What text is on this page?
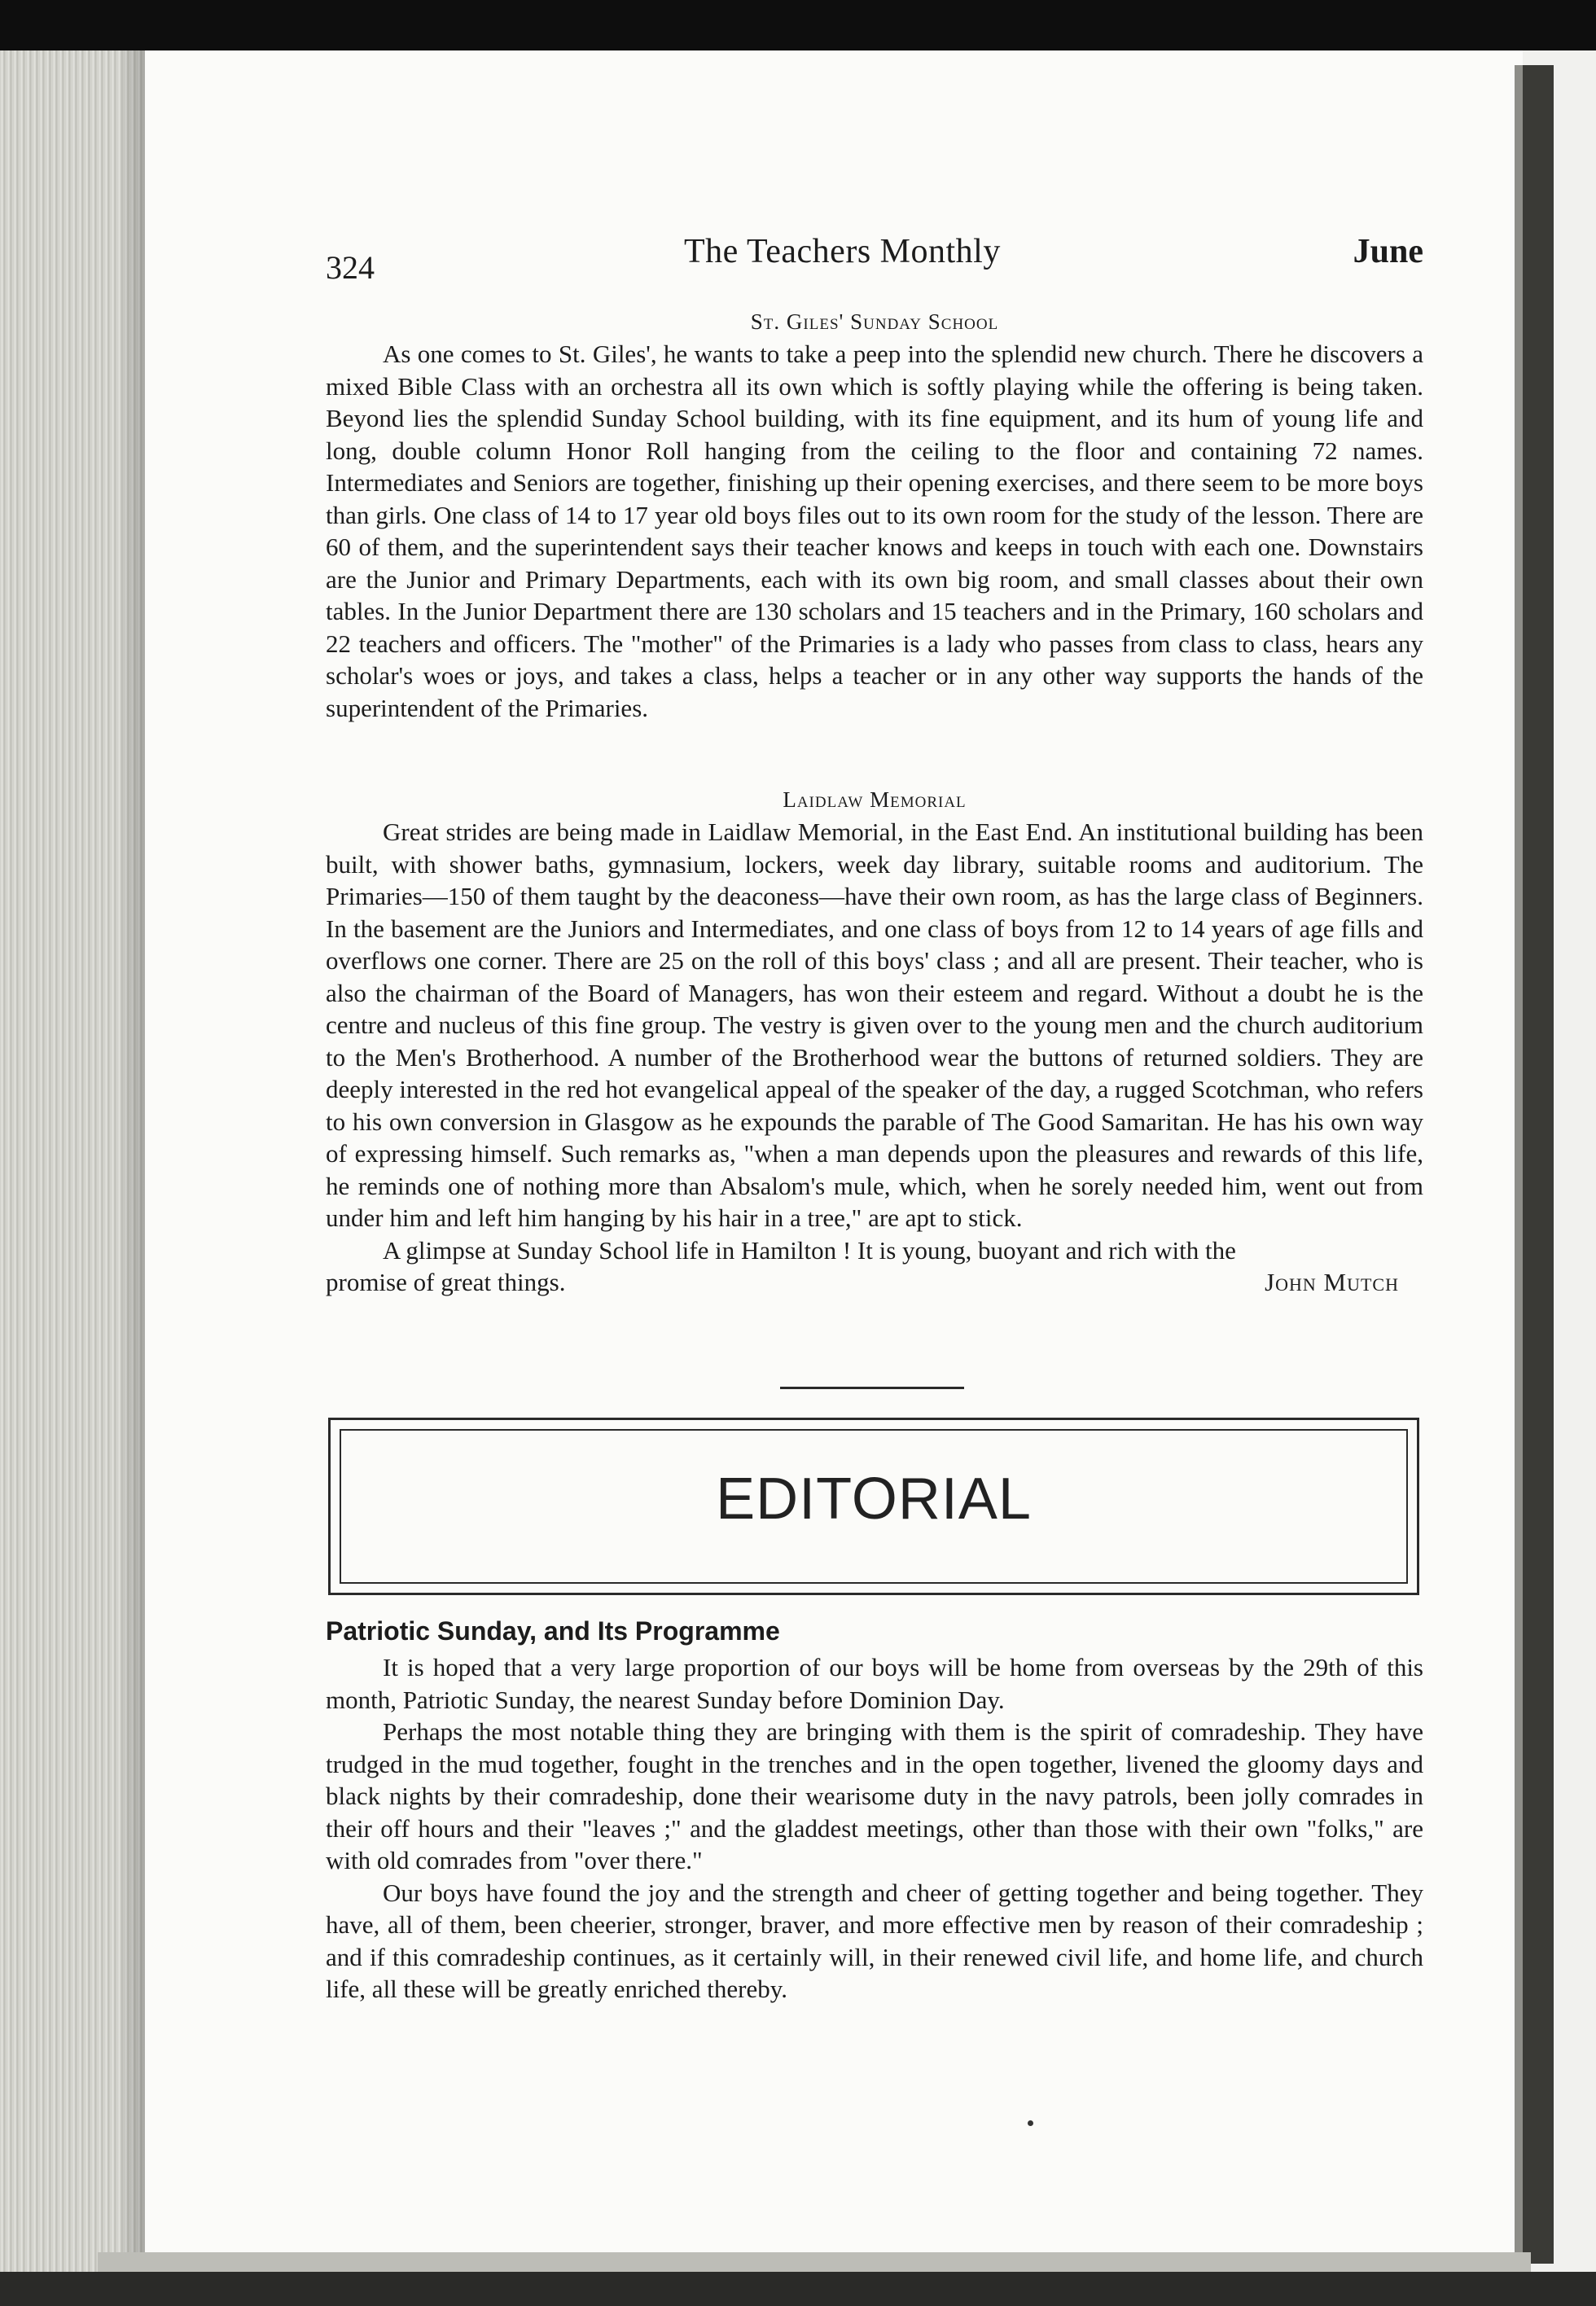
324	The Teachers Monthly	June
St. Giles' Sunday School

As one comes to St. Giles', he wants to take a peep into the splendid new church. There he discovers a mixed Bible Class with an orchestra all its own which is softly playing while the offering is being taken. Beyond lies the splendid Sunday School building, with its fine equipment, and its hum of young life and long, double column Honor Roll hanging from the ceiling to the floor and containing 72 names. Intermediates and Seniors are together, finishing up their opening exercises, and there seem to be more boys than girls. One class of 14 to 17 year old boys files out to its own room for the study of the lesson. There are 60 of them, and the superintendent says their teacher knows and keeps in touch with each one. Downstairs are the Junior and Primary Departments, each with its own big room, and small classes about their own tables. In the Junior Department there are 130 scholars and 15 teachers and in the Primary, 160 scholars and 22 teachers and officers. The "mother" of the Primaries is a lady who passes from class to class, hears any scholar's woes or joys, and takes a class, helps a teacher or in any other way supports the hands of the superintendent of the Primaries.

Laidlaw Memorial

Great strides are being made in Laidlaw Memorial, in the East End. An institutional building has been built, with shower baths, gymnasium, lockers, week day library, suitable rooms and auditorium. The Primaries—150 of them taught by the deaconess—have their own room, as has the large class of Beginners. In the basement are the Juniors and Intermediates, and one class of boys from 12 to 14 years of age fills and overflows one corner. There are 25 on the roll of this boys' class ; and all are present. Their teacher, who is also the chairman of the Board of Managers, has won their esteem and regard. Without a doubt he is the centre and nucleus of this fine group. The vestry is given over to the young men and the church auditorium to the Men's Brotherhood. A number of the Brotherhood wear the buttons of returned soldiers. They are deeply interested in the red hot evangelical appeal of the speaker of the day, a rugged Scotchman, who refers to his own conversion in Glasgow as he expounds the parable of The Good Samaritan. He has his own way of expressing himself. Such remarks as, "when a man depends upon the pleasures and rewards of this life, he reminds one of nothing more than Absalom's mule, which, when he sorely needed him, went out from under him and left him hanging by his hair in a tree," are apt to stick.

A glimpse at Sunday School life in Hamilton ! It is young, buoyant and rich with the

promise of great things.	John Mutch
EDITORIAL
Patriotic Sunday, and Its Programme

It is hoped that a very large proportion of our boys will be home from overseas by the 29th of this month, Patriotic Sunday, the nearest Sunday before Dominion Day.

Perhaps the most notable thing they are bringing with them is the spirit of comradeship. They have trudged in the mud together, fought in the trenches and in the open together, livened the gloomy days and black nights by their comradeship, done their wearisome duty in the navy patrols, been jolly comrades in their off hours and their "leaves ;" and the gladdest meetings, other than those with their own "folks," are with old comrades from "over there."

Our boys have found the joy and the strength and cheer of getting together and being together. They have, all of them, been cheerier, stronger, braver, and more effective men by reason of their comradeship ; and if this comradeship continues, as it certainly will, in their renewed civil life, and home life, and church life, all these will be greatly enriched thereby.
